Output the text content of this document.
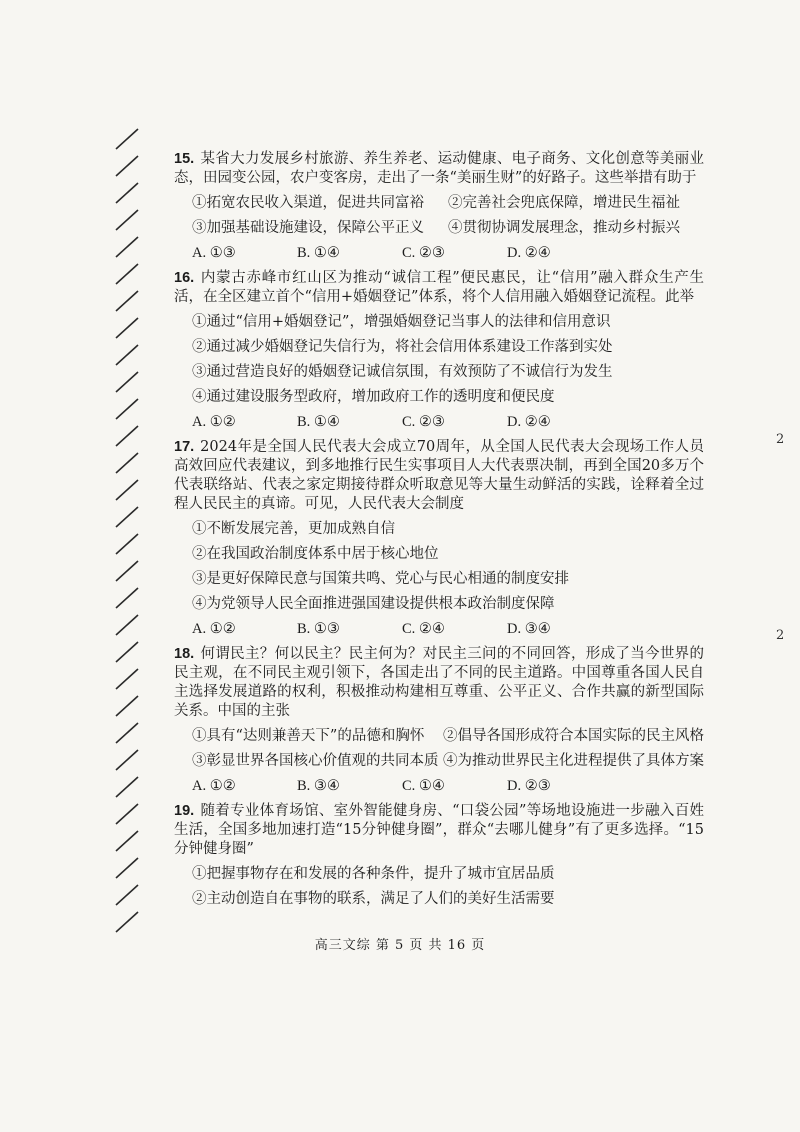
15. 某省大力发展乡村旅游、养生养老、运动健康、电子商务、文化创意等美丽业态，田园变公园，农户变客房，走出了一条“美丽生财”的好路子。这些举措有助于

①拓宽农民收入渠道，促进共同富裕	②完善社会兜底保障，增进民生福祉
③加强基础设施建设，保障公平正义	④贯彻协调发展理念，推动乡村振兴
A. ①③	B. ①④	C. ②③	D. ②④

16. 内蒙古赤峰市红山区为推动“诚信工程”便民惠民，让“信用”融入群众生产生活，在全区建立首个“信用+婚姻登记”体系，将个人信用融入婚姻登记流程。此举

①通过“信用+婚姻登记”，增强婚姻登记当事人的法律和信用意识

②通过减少婚姻登记失信行为，将社会信用体系建设工作落到实处

③通过营造良好的婚姻登记诚信氛围，有效预防了不诚信行为发生

④通过建设服务型政府，增加政府工作的透明度和便民度

A. ①②	B. ①④	C. ②③	D. ②④

17. 2024年是全国人民代表大会成立70周年，从全国人民代表大会现场工作人员高效回应代表建议，到多地推行民生实事项目人大代表票决制，再到全国20多万个代表联络站、代表之家定期接待群众听取意见等大量生动鲜活的实践，诠释着全过程人民民主的真谛。可见，人民代表大会制度

①不断发展完善，更加成熟自信

②在我国政治制度体系中居于核心地位

③是更好保障民意与国策共鸣、党心与民心相通的制度安排

④为党领导人民全面推进强国建设提供根本政治制度保障

A. ①②	B. ①③	C. ②④	D. ③④

18. 何谓民主？何以民主？民主何为？对民主三问的不同回答，形成了当今世界的民主观，在不同民主观引领下，各国走出了不同的民主道路。中国尊重各国人民自主选择发展道路的权利，积极推动构建相互尊重、公平正义、合作共赢的新型国际关系。中国的主张

①具有“达则兼善天下”的品德和胸怀	②倡导各国形成符合本国实际的民主风格
③彰显世界各国核心价值观的共同本质 ④为推动世界民主化进程提供了具体方案
A. ①②	B. ③④	C. ①④	D. ②③

19. 随着专业体育场馆、室外智能健身房、“口袋公园”等场地设施进一步融入百姓生活，全国多地加速打造“15分钟健身圈”，群众“去哪儿健身”有了更多选择。“15分钟健身圈”

①把握事物存在和发展的各种条件，提升了城市宜居品质

②主动创造自在事物的联系，满足了人们的美好生活需要

高三文综 第 5 页 共 16 页
2
2
